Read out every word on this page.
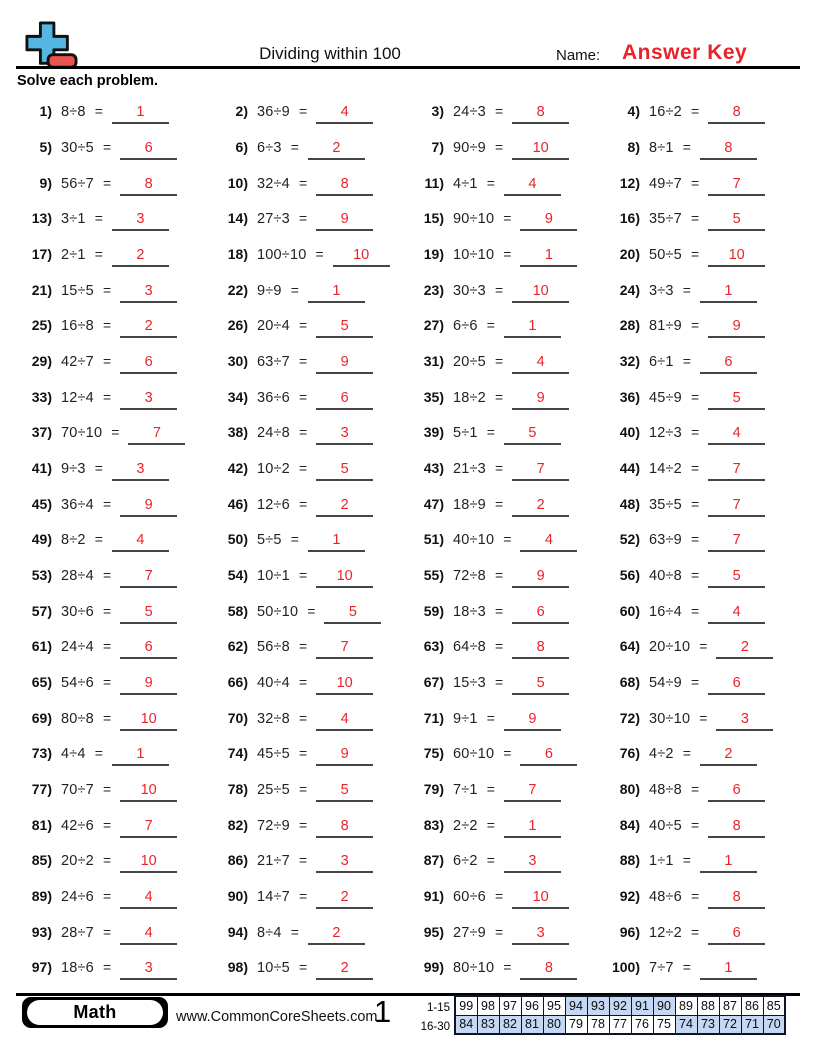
Dividing within 100	Name: Answer Key
Solve each problem.
1) 8÷8 =	1	2) 36÷9 =	4	3) 24÷3 =	8	4) 16÷2 =	8
5) 30÷5 =	6	6) 6÷3 =	2	7) 90÷9 =	10	8) 8÷1 =	8
9) 56÷7 =	8	10) 32÷4 =	8	11) 4÷1 =	4	12) 49÷7 =	7
13) 3÷1 =	3	14) 27÷3 =	9	15) 90÷10 =	9	16) 35÷7 =	5
17) 2÷1 =	2	18) 100÷10 =	10	19) 10÷10 =	1	20) 50÷5 =	10
21) 15÷5 =	3	22) 9÷9 =	1	23) 30÷3 =	10	24) 3÷3 =	1
25) 16÷8 =	2	26) 20÷4 =	5	27) 6÷6 =	1	28) 81÷9 =	9
29) 42÷7 =	6	30) 63÷7 =	9	31) 20÷5 =	4	32) 6÷1 =	6
33) 12÷4 =	3	34) 36÷6 =	6	35) 18÷2 =	9	36) 45÷9 =	5
37) 70÷10 =	7	38) 24÷8 =	3	39) 5÷1 =	5	40) 12÷3 =	4
41) 9÷3 =	3	42) 10÷2 =	5	43) 21÷3 =	7	44) 14÷2 =	7
45) 36÷4 =	9	46) 12÷6 =	2	47) 18÷9 =	2	48) 35÷5 =	7
49) 8÷2 =	4	50) 5÷5 =	1	51) 40÷10 =	4	52) 63÷9 =	7
53) 28÷4 =	7	54) 10÷1 =	10	55) 72÷8 =	9	56) 40÷8 =	5
57) 30÷6 =	5	58) 50÷10 =	5	59) 18÷3 =	6	60) 16÷4 =	4
61) 24÷4 =	6	62) 56÷8 =	7	63) 64÷8 =	8	64) 20÷10 =	2
65) 54÷6 =	9	66) 40÷4 =	10	67) 15÷3 =	5	68) 54÷9 =	6
69) 80÷8 =	10	70) 32÷8 =	4	71) 9÷1 =	9	72) 30÷10 =	3
73) 4÷4 =	1	74) 45÷5 =	9	75) 60÷10 =	6	76) 4÷2 =	2
77) 70÷7 =	10	78) 25÷5 =	5	79) 7÷1 =	7	80) 48÷8 =	6
81) 42÷6 =	7	82) 72÷9 =	8	83) 2÷2 =	1	84) 40÷5 =	8
85) 20÷2 =	10	86) 21÷7 =	3	87) 6÷2 =	3	88) 1÷1 =	1
89) 24÷6 =	4	90) 14÷7 =	2	91) 60÷6 =	10	92) 48÷6 =	8
93) 28÷7 =	4	94) 8÷4 =	2	95) 27÷9 =	3	96) 12÷2 =	6
97) 18÷6 =	3	98) 10÷5 =	2	99) 80÷10 =	8	100) 7÷7 =	1
Math	www.CommonCoreSheets.com
1	1-15
16-30
99	98	97	96	95	94	93	92	91	90	89	88	87	86	85
84	83	82	81	80	79	78	77	76	75	74	73	72	71	70
